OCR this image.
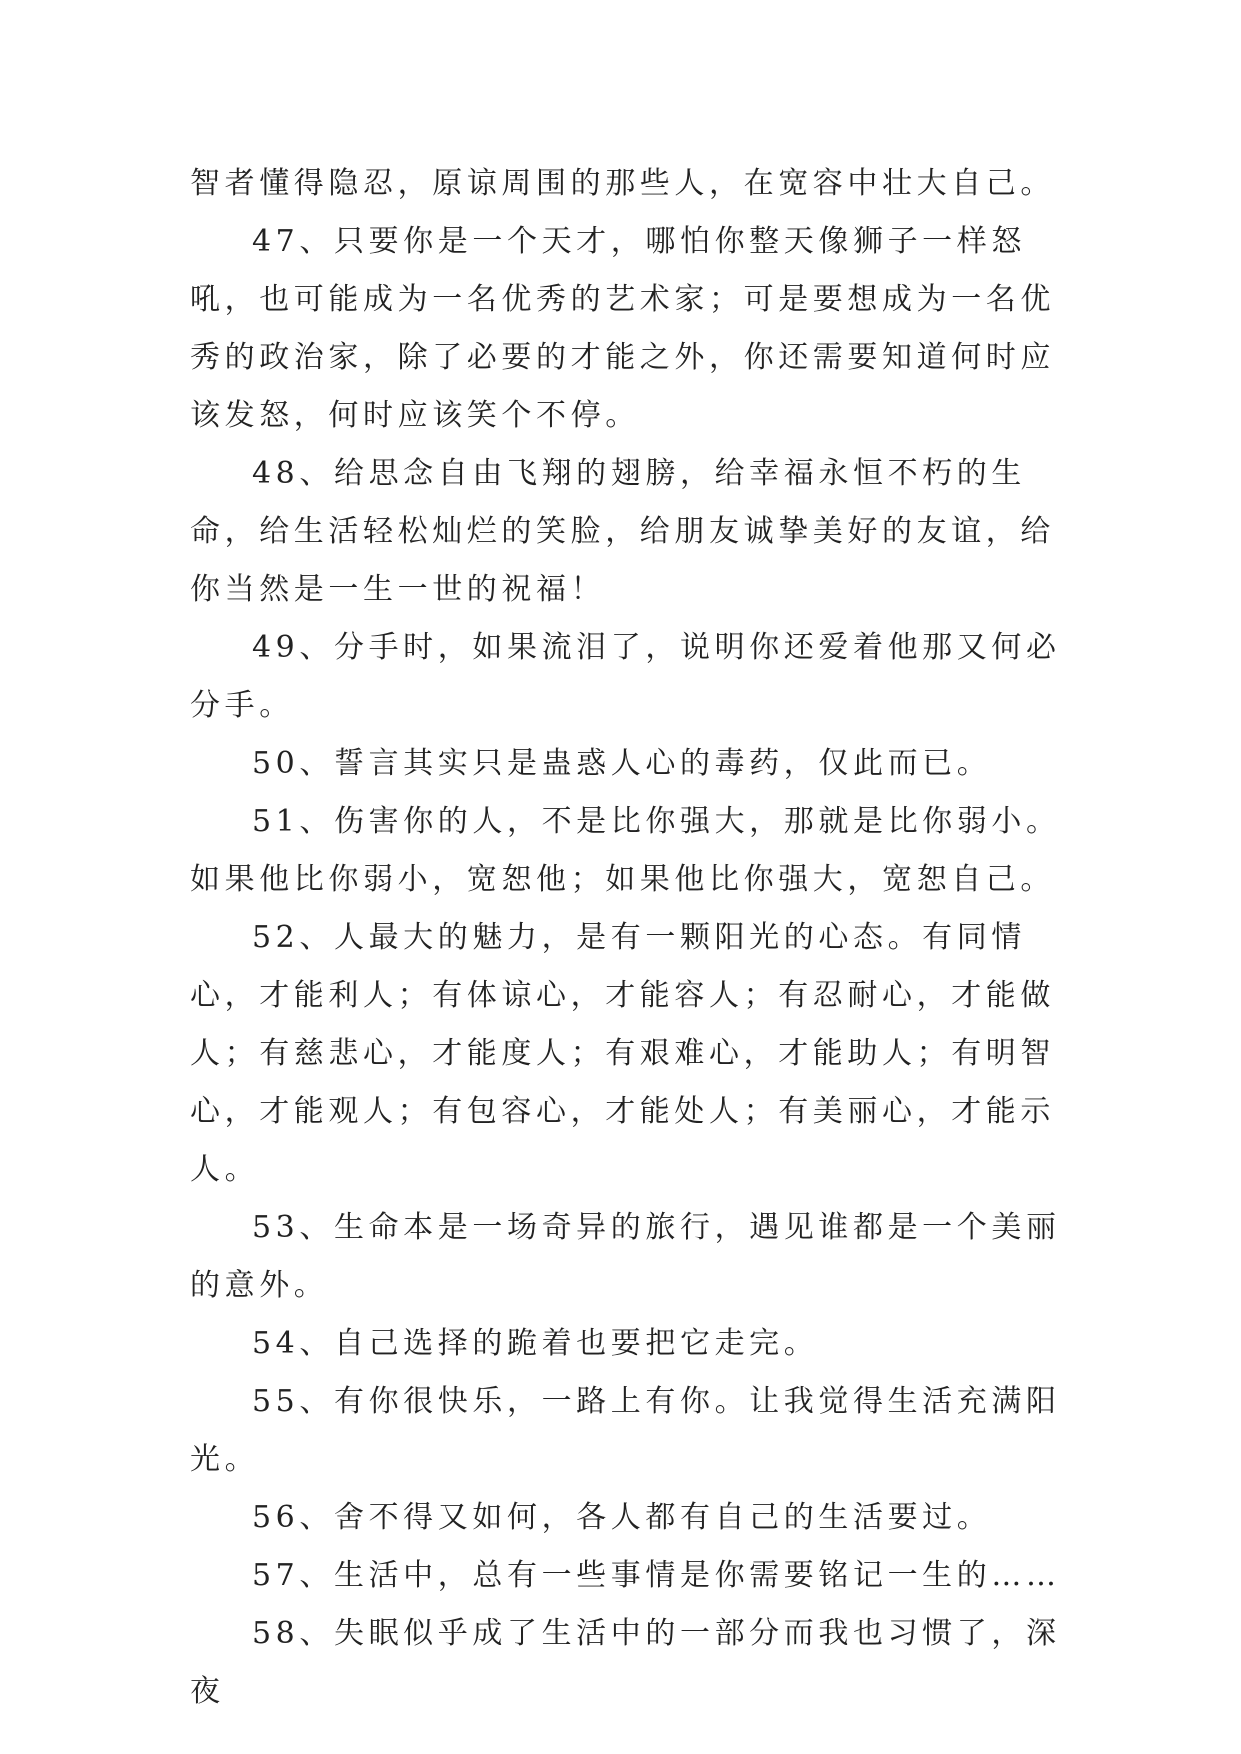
智者懂得隐忍，原谅周围的那些人，在宽容中壮大自己。

47、只要你是一个天才，哪怕你整天像狮子一样怒吼，也可能成为一名优秀的艺术家；可是要想成为一名优秀的政治家，除了必要的才能之外，你还需要知道何时应该发怒，何时应该笑个不停。

48、给思念自由飞翔的翅膀，给幸福永恒不朽的生命，给生活轻松灿烂的笑脸，给朋友诚挚美好的友谊，给你当然是一生一世的祝福！

49、分手时，如果流泪了，说明你还爱着他那又何必分手。

50、誓言其实只是蛊惑人心的毒药，仅此而已。

51、伤害你的人，不是比你强大，那就是比你弱小。如果他比你弱小，宽恕他；如果他比你强大，宽恕自己。

52、人最大的魅力，是有一颗阳光的心态。有同情心，才能利人；有体谅心，才能容人；有忍耐心，才能做人；有慈悲心，才能度人；有艰难心，才能助人；有明智心，才能观人；有包容心，才能处人；有美丽心，才能示人。

53、生命本是一场奇异的旅行，遇见谁都是一个美丽的意外。

54、自己选择的跪着也要把它走完。

55、有你很快乐，一路上有你。让我觉得生活充满阳光。

56、舍不得又如何，各人都有自己的生活要过。

57、生活中，总有一些事情是你需要铭记一生的……

58、失眠似乎成了生活中的一部分而我也习惯了，深夜
